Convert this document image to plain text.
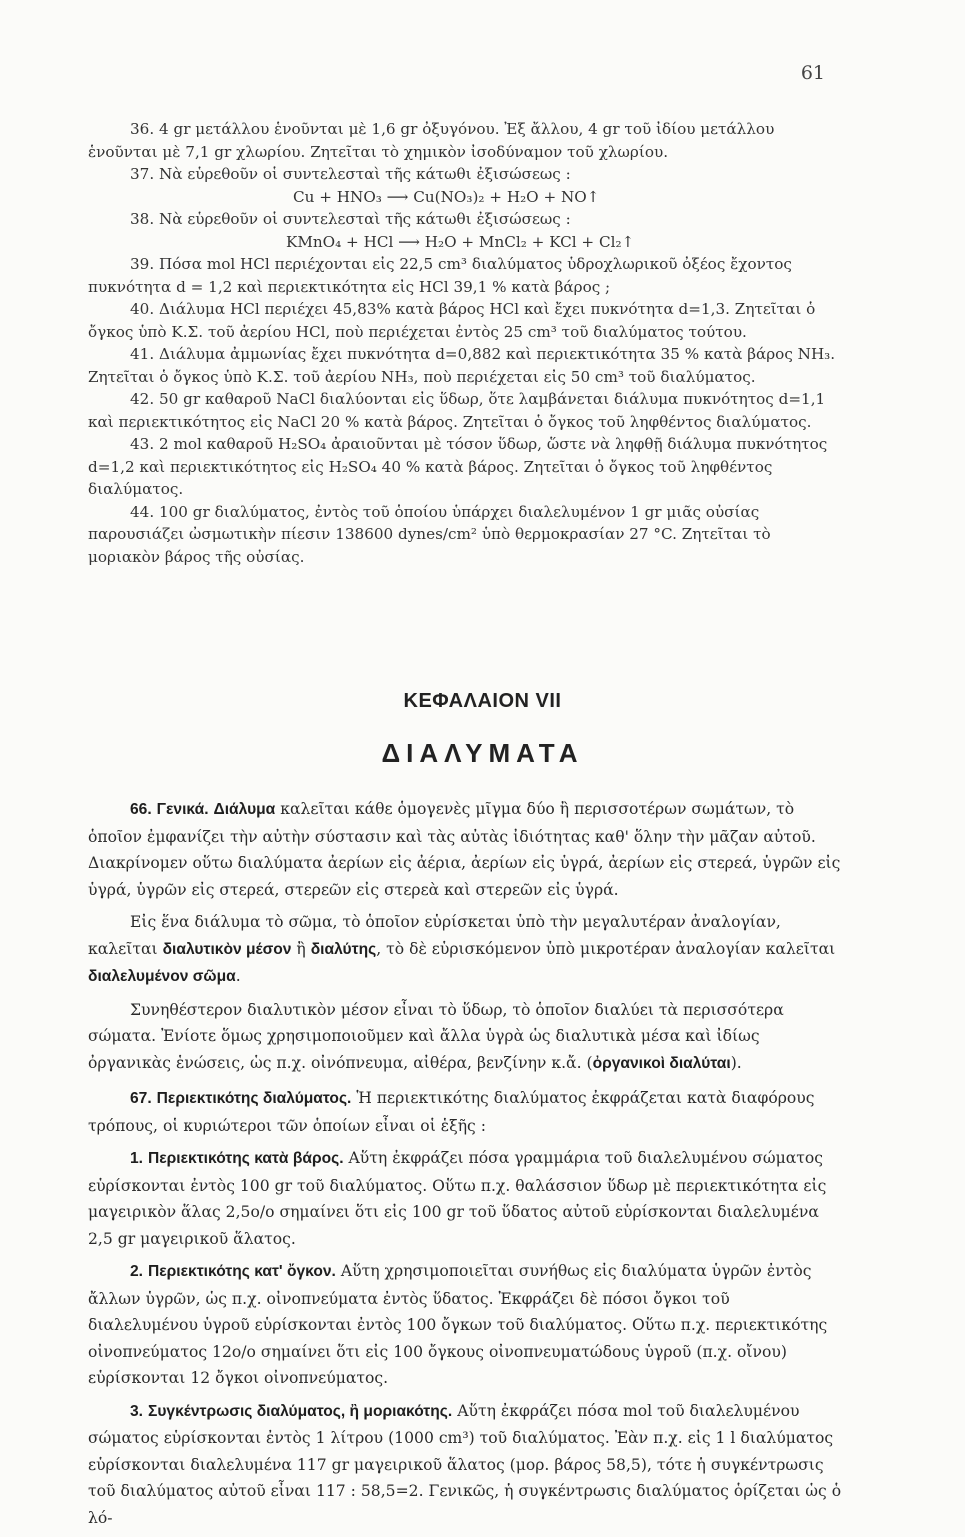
61

36. 4 gr μετάλλου ἑνοῦνται μὲ 1,6 gr ὀξυγόνου. Ἐξ ἄλλου, 4 gr τοῦ ἰδίου μετάλλου ἑνοῦνται μὲ 7,1 gr χλωρίου. Ζητεῖται τὸ χημικὸν ἰσοδύναμον τοῦ χλωρίου.

37. Νὰ εὑρεθοῦν οἱ συντελεσταὶ τῆς κάτωθι ἐξισώσεως :

Cu + HNO₃ ⟶ Cu(NO₃)₂ + H₂O + NO↑

38. Νὰ εὑρεθοῦν οἱ συντελεσταὶ τῆς κάτωθι ἐξισώσεως :

KMnO₄ + HCl ⟶ H₂O + MnCl₂ + KCl + Cl₂↑

39. Πόσα mol HCl περιέχονται εἰς 22,5 cm³ διαλύματος ὑδροχλωρικοῦ ὀξέος ἔχοντος πυκνότητα d = 1,2 καὶ περιεκτικότητα εἰς HCl 39,1 % κατὰ βάρος ;

40. Διάλυμα HCl περιέχει 45,83% κατὰ βάρος HCl καὶ ἔχει πυκνότητα d=1,3. Ζητεῖται ὁ ὄγκος ὑπὸ Κ.Σ. τοῦ ἀερίου HCl, ποὺ περιέχεται ἐντὸς 25 cm³ τοῦ διαλύματος τούτου.

41. Διάλυμα ἀμμωνίας ἔχει πυκνότητα d=0,882 καὶ περιεκτικότητα 35 % κατὰ βάρος NH₃. Ζητεῖται ὁ ὄγκος ὑπὸ Κ.Σ. τοῦ ἀερίου NH₃, ποὺ περιέχεται εἰς 50 cm³ τοῦ διαλύματος.

42. 50 gr καθαροῦ NaCl διαλύονται εἰς ὕδωρ, ὅτε λαμβάνεται διάλυμα πυκνότητος d=1,1 καὶ περιεκτικότητος εἰς NaCl 20 % κατὰ βάρος. Ζητεῖται ὁ ὄγκος τοῦ ληφθέντος διαλύματος.

43. 2 mol καθαροῦ H₂SO₄ ἀραιοῦνται μὲ τόσον ὕδωρ, ὥστε νὰ ληφθῇ διάλυμα πυκνότητος d=1,2 καὶ περιεκτικότητος εἰς H₂SO₄ 40 % κατὰ βάρος. Ζητεῖται ὁ ὄγκος τοῦ ληφθέντος διαλύματος.

44. 100 gr διαλύματος, ἐντὸς τοῦ ὁποίου ὑπάρχει διαλελυμένον 1 gr μιᾶς οὐσίας παρουσιάζει ὠσμωτικὴν πίεσιν 138600 dynes/cm² ὑπὸ θερμοκρασίαν 27 °C. Ζητεῖται τὸ μοριακὸν βάρος τῆς οὐσίας.

ΚΕΦΑΛΑΙΟΝ VII
ΔΙΑΛΥΜΑΤΑ

66. Γενικά. Διάλυμα καλεῖται κάθε ὁμογενὲς μῖγμα δύο ἢ περισσοτέρων σωμάτων, τὸ ὁποῖον ἐμφανίζει τὴν αὐτὴν σύστασιν καὶ τὰς αὐτὰς ἰδιότητας καθ' ὅλην τὴν μᾶζαν αὐτοῦ. Διακρίνομεν οὕτω διαλύματα ἀερίων εἰς ἀέρια, ἀερίων εἰς ὑγρά, ἀερίων εἰς στερεά, ὑγρῶν εἰς ὑγρά, ὑγρῶν εἰς στερεά, στερεῶν εἰς στερεὰ καὶ στερεῶν εἰς ὑγρά.

Εἰς ἕνα διάλυμα τὸ σῶμα, τὸ ὁποῖον εὑρίσκεται ὑπὸ τὴν μεγαλυτέραν ἀναλογίαν, καλεῖται διαλυτικὸν μέσον ἢ διαλύτης, τὸ δὲ εὑρισκόμενον ὑπὸ μικροτέραν ἀναλογίαν καλεῖται διαλελυμένον σῶμα.

Συνηθέστερον διαλυτικὸν μέσον εἶναι τὸ ὕδωρ, τὸ ὁποῖον διαλύει τὰ περισσότερα σώματα. Ἐνίοτε ὅμως χρησιμοποιοῦμεν καὶ ἄλλα ὑγρὰ ὡς διαλυτικὰ μέσα καὶ ἰδίως ὀργανικὰς ἑνώσεις, ὡς π.χ. οἰνόπνευμα, αἰθέρα, βενζίνην κ.ἄ. (ὀργανικοὶ διαλύται).

67. Περιεκτικότης διαλύματος. Ἡ περιεκτικότης διαλύματος ἐκφράζεται κατὰ διαφόρους τρόπους, οἱ κυριώτεροι τῶν ὁποίων εἶναι οἱ ἑξῆς :

1. Περιεκτικότης κατὰ βάρος. Αὕτη ἐκφράζει πόσα γραμμάρια τοῦ διαλελυμένου σώματος εὑρίσκονται ἐντὸς 100 gr τοῦ διαλύματος. Οὕτω π.χ. θαλάσσιον ὕδωρ μὲ περιεκτικότητα εἰς μαγειρικὸν ἅλας 2,5ο/ο σημαίνει ὅτι εἰς 100 gr τοῦ ὕδατος αὐτοῦ εὑρίσκονται διαλελυμένα 2,5 gr μαγειρικοῦ ἅλατος.

2. Περιεκτικότης κατ' ὄγκον. Αὕτη χρησιμοποιεῖται συνήθως εἰς διαλύματα ὑγρῶν ἐντὸς ἄλλων ὑγρῶν, ὡς π.χ. οἰνοπνεύματα ἐντὸς ὕδατος. Ἐκφράζει δὲ πόσοι ὄγκοι τοῦ διαλελυμένου ὑγροῦ εὑρίσκονται ἐντὸς 100 ὄγκων τοῦ διαλύματος. Οὕτω π.χ. περιεκτικότης οἰνοπνεύματος 12ο/ο σημαίνει ὅτι εἰς 100 ὄγκους οἰνοπνευματώδους ὑγροῦ (π.χ. οἴνου) εὑρίσκονται 12 ὄγκοι οἰνοπνεύματος.

3. Συγκέντρωσις διαλύματος, ἢ μοριακότης. Αὕτη ἐκφράζει πόσα mol τοῦ διαλελυμένου σώματος εὑρίσκονται ἐντὸς 1 λίτρου (1000 cm³) τοῦ διαλύματος. Ἐὰν π.χ. εἰς 1 l διαλύματος εὑρίσκονται διαλελυμένα 117 gr μαγειρικοῦ ἅλατος (μορ. βάρος 58,5), τότε ἡ συγκέντρωσις τοῦ διαλύματος αὐτοῦ εἶναι 117 : 58,5=2. Γενικῶς, ἡ συγκέντρωσις διαλύματος ὁρίζεται ὡς ὁ λό-
